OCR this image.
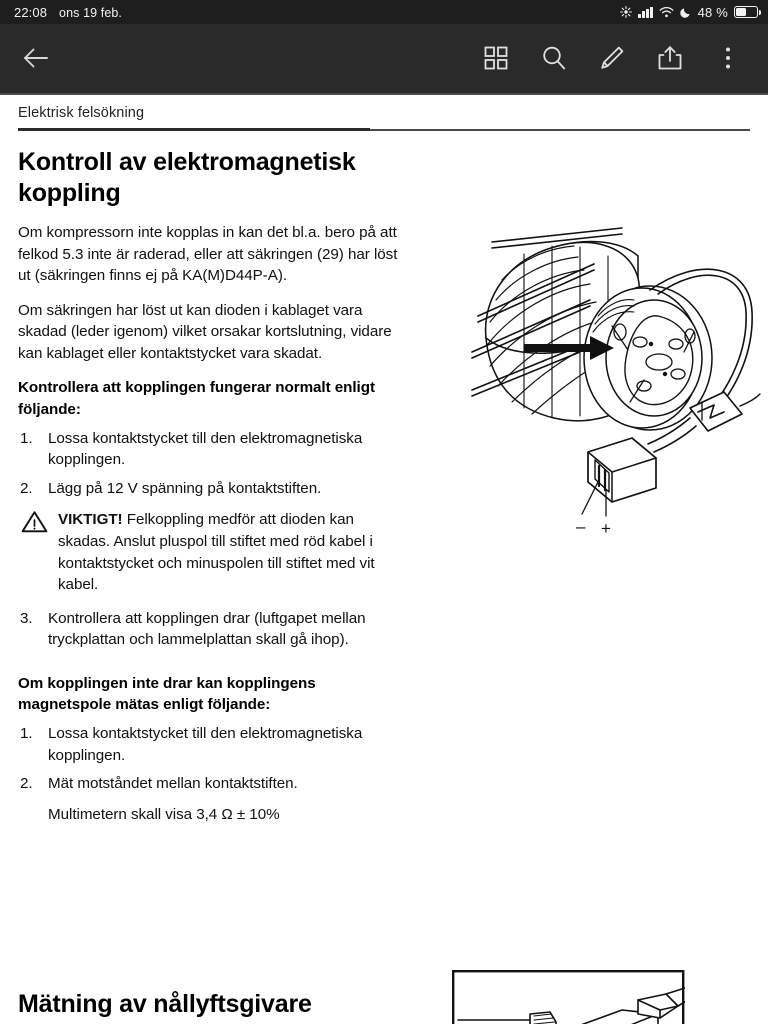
22:08 ons 19 feb.	48 %
Elektrisk felsökning
Kontroll av elektromagnetisk koppling

Om kompressorn inte kopplas in kan det bl.a. bero på att felkod 5.3 inte är raderad, eller att säkringen (29) har löst ut (säkringen finns ej på KA(M)D44P-A).

Om säkringen har löst ut kan dioden i kablaget vara skadad (leder igenom) vilket orsakar kortslutning, vidare kan kablaget eller kontaktstycket vara skadat.

Kontrollera att kopplingen fungerar normalt enligt följande:
1. Lossa kontaktstycket till den elektromagnetiska kopplingen.
2. Lägg på 12 V spänning på kontaktstiften.
VIKTIGT! Felkoppling medför att dioden kan skadas. Anslut pluspol till stiftet med röd kabel i kontaktstycket och minuspolen till stiftet med vit kabel.
3. Kontrollera att kopplingen drar (luftgapet mellan tryckplattan och lammelplattan skall gå ihop).
Om kopplingen inte drar kan kopplingens magnetspole mätas enligt följande:
1. Lossa kontaktstycket till den elektromagnetiska kopplingen.
2. Mät motståndet mellan kontaktstiften.
Multimetern skall visa 3,4 Ω ± 10%
– +
Mätning av nållyftsgivare
